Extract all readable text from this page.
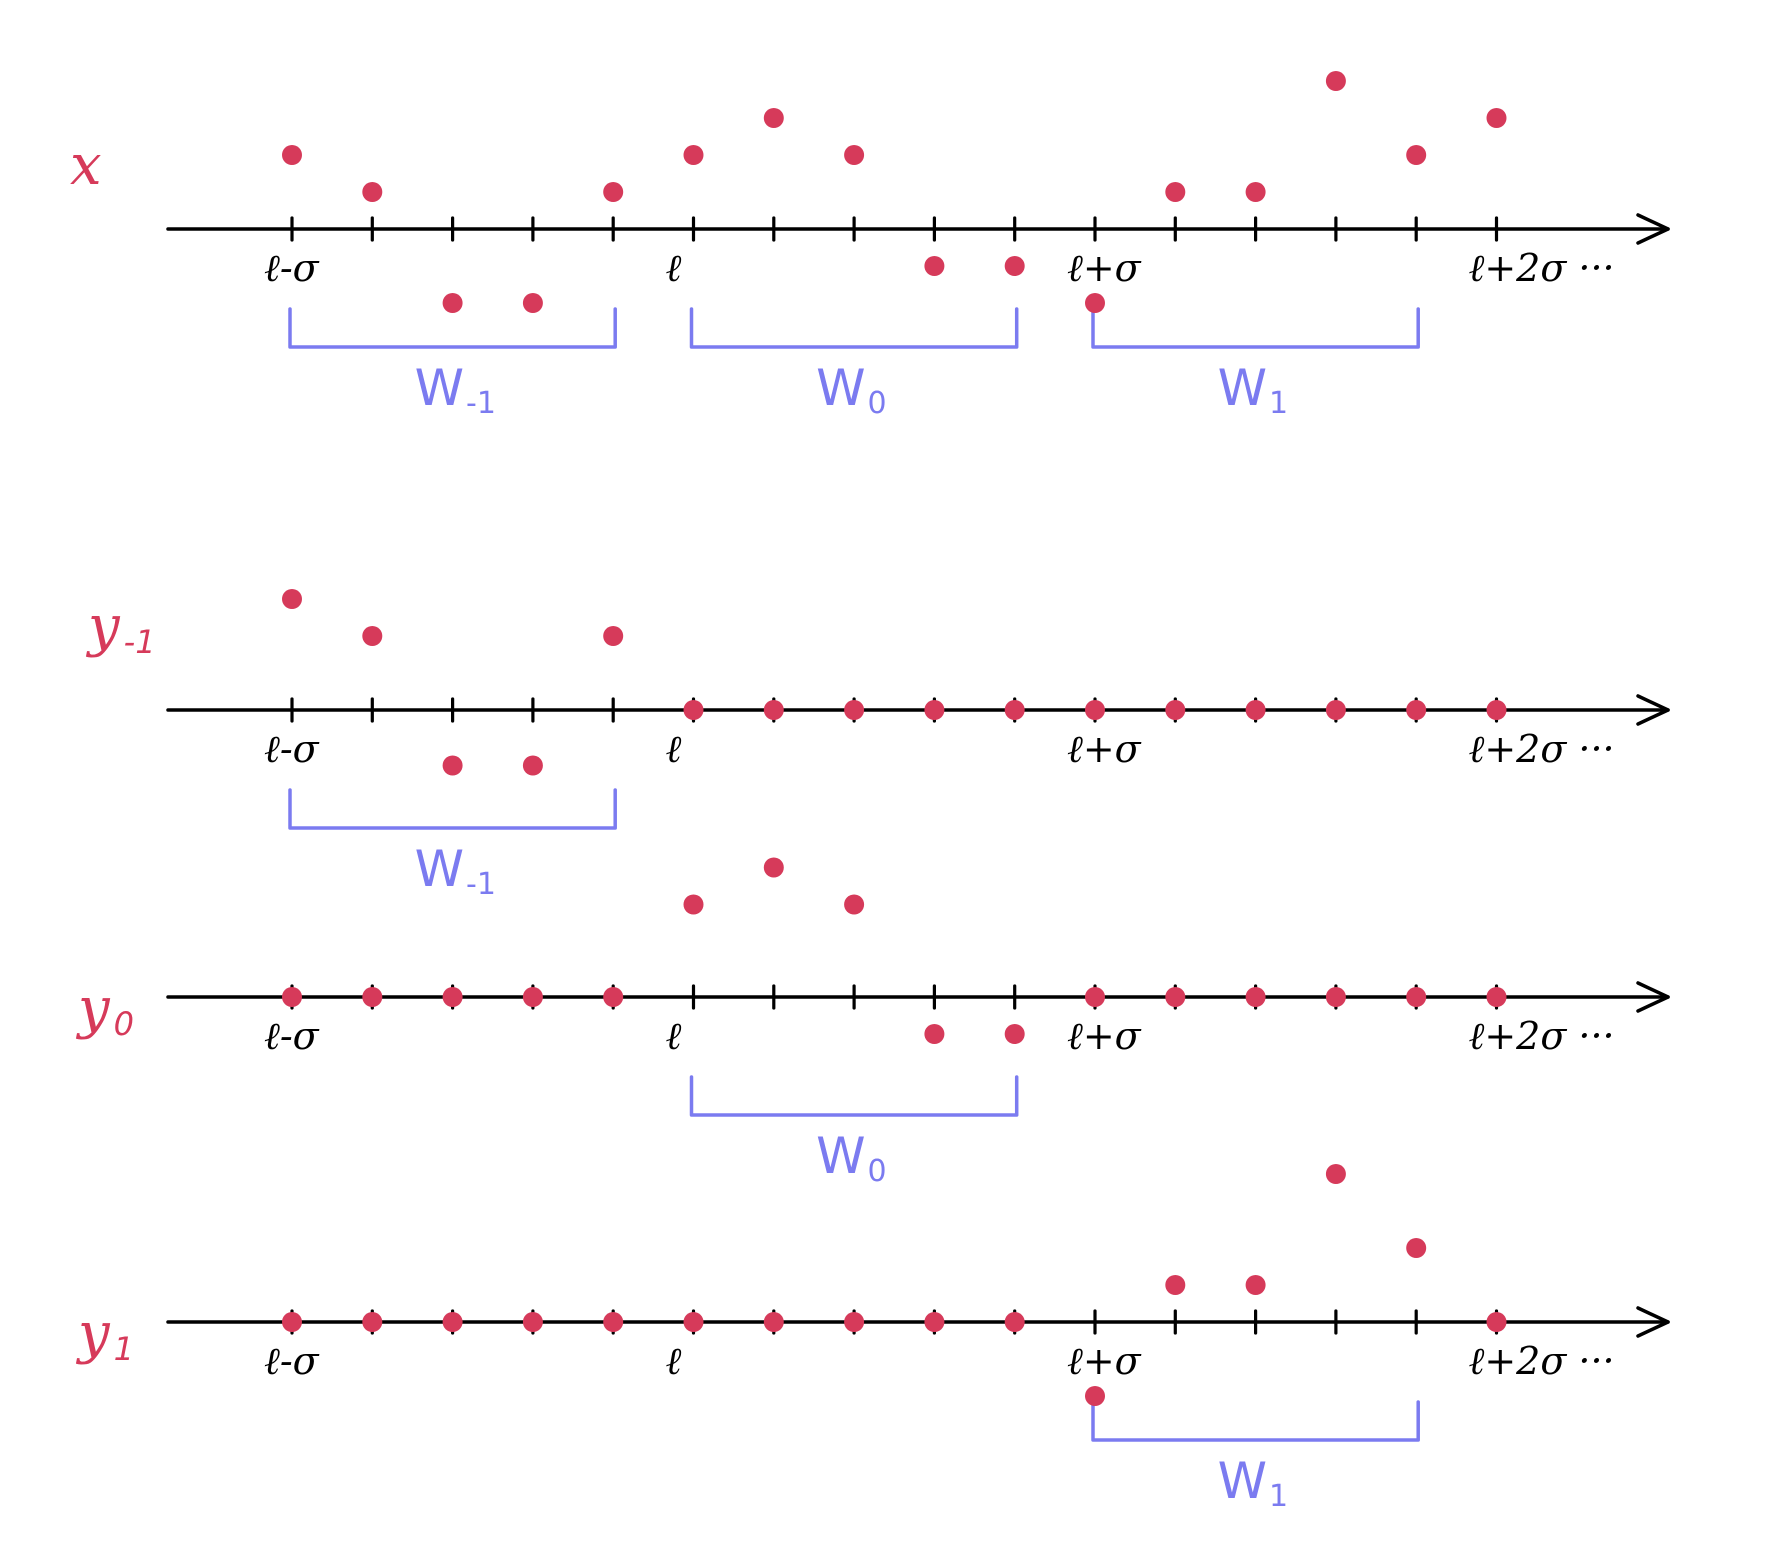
x
ℓ-σ	ℓ	ℓ+σ	ℓ+2σ ···
W-1	W0	W1
y -1
ℓ-σ	ℓ	ℓ+σ	ℓ+2σ ···
W-1
y 0	ℓ-σ	ℓ	ℓ+σ	ℓ+2σ ···
W0
y 1	ℓ-σ	ℓ	ℓ+σ	ℓ+2σ ···
W1
